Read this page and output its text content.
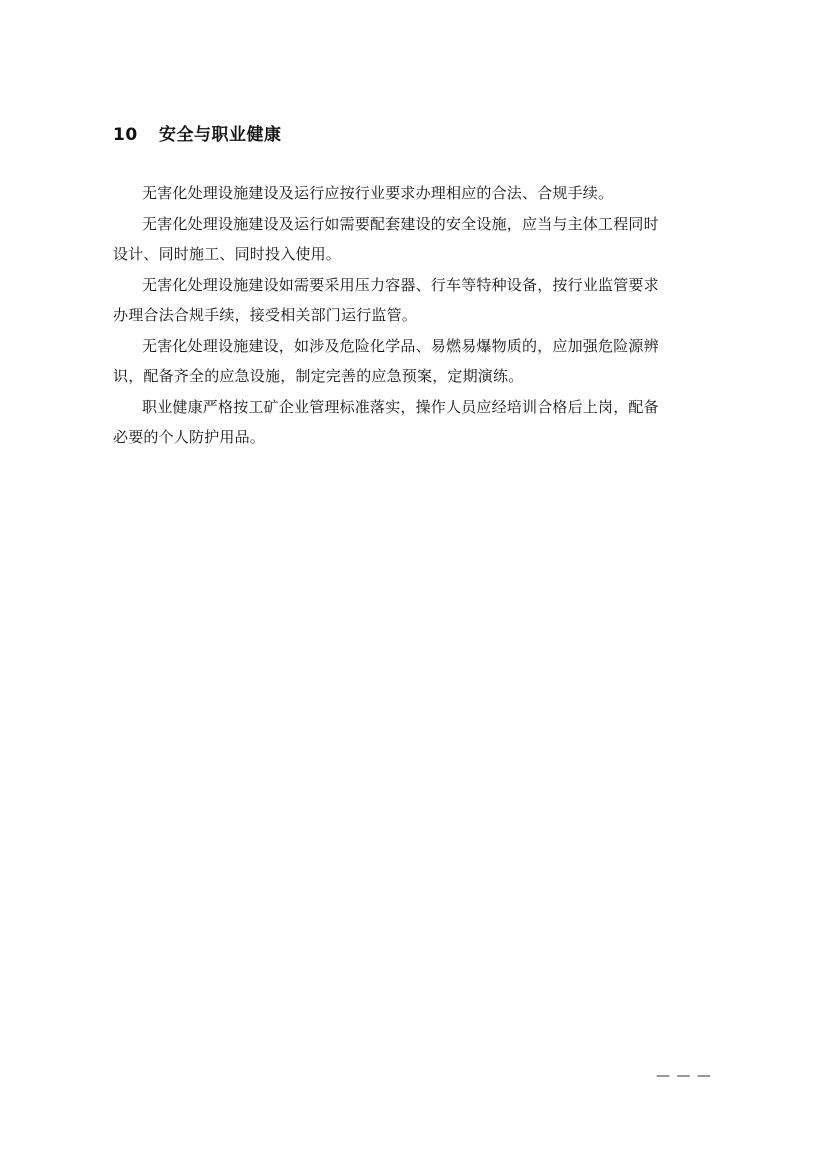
10 安全与职业健康
无害化处理设施建设及运行应按行业要求办理相应的合法、合规手续。
无害化处理设施建设及运行如需要配套建设的安全设施，应当与主体工程同时
设计、同时施工、同时投入使用。
无害化处理设施建设如需要采用压力容器、行车等特种设备，按行业监管要求
办理合法合规手续，接受相关部门运行监管。
无害化处理设施建设，如涉及危险化学品、易燃易爆物质的，应加强危险源辨
识，配备齐全的应急设施，制定完善的应急预案，定期演练。
职业健康严格按工矿企业管理标准落实，操作人员应经培训合格后上岗，配备
必要的个人防护用品。
— — —
